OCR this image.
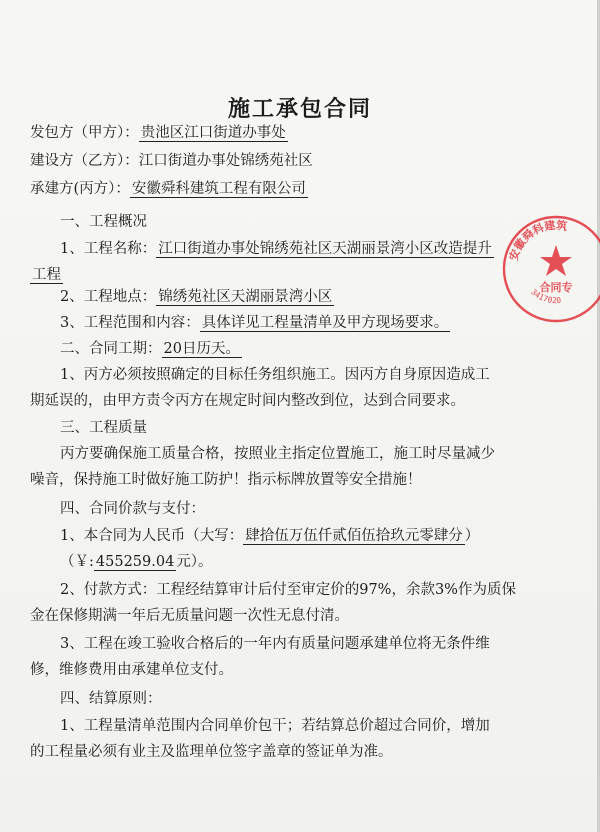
施工承包合同
发包方（甲方）： 贵池区江口街道办事处
建设方（乙方）：江口街道办事处锦绣苑社区
承建方(丙方）： 安徽舜科建筑工程有限公司
一、工程概况
1、工程名称： 江口街道办事处锦绣苑社区天湖丽景湾小区改造提升
工程
2、工程地点： 锦绣苑社区天湖丽景湾小区
3、工程范围和内容： 具体详见工程量清单及甲方现场要求。
二、合同工期： 20日历天。
1、丙方必须按照确定的目标任务组织施工。因丙方自身原因造成工
期延误的，由甲方责令丙方在规定时间内整改到位，达到合同要求。
三、工程质量
丙方要确保施工质量合格，按照业主指定位置施工，施工时尽量减少
噪音，保持施工时做好施工防护！指示标牌放置等安全措施！
四、合同价款与支付：
1、本合同为人民币（大写： 肆拾伍万伍仟贰佰伍拾玖元零肆分 ）
（￥: 455259.04 元）。
2、付款方式：工程经结算审计后付至审定价的97%，余款3%作为质保
金在保修期满一年后无质量问题一次性无息付清。
3、工程在竣工验收合格后的一年内有质量问题承建单位将无条件维
修，维修费用由承建单位支付。
四、结算原则：
1、工程量清单范围内合同单价包干；若结算总价超过合同价，增加
的工程量必须有业主及监理单位签字盖章的签证单为准。
安徽舜科建筑
合同专
3417020
